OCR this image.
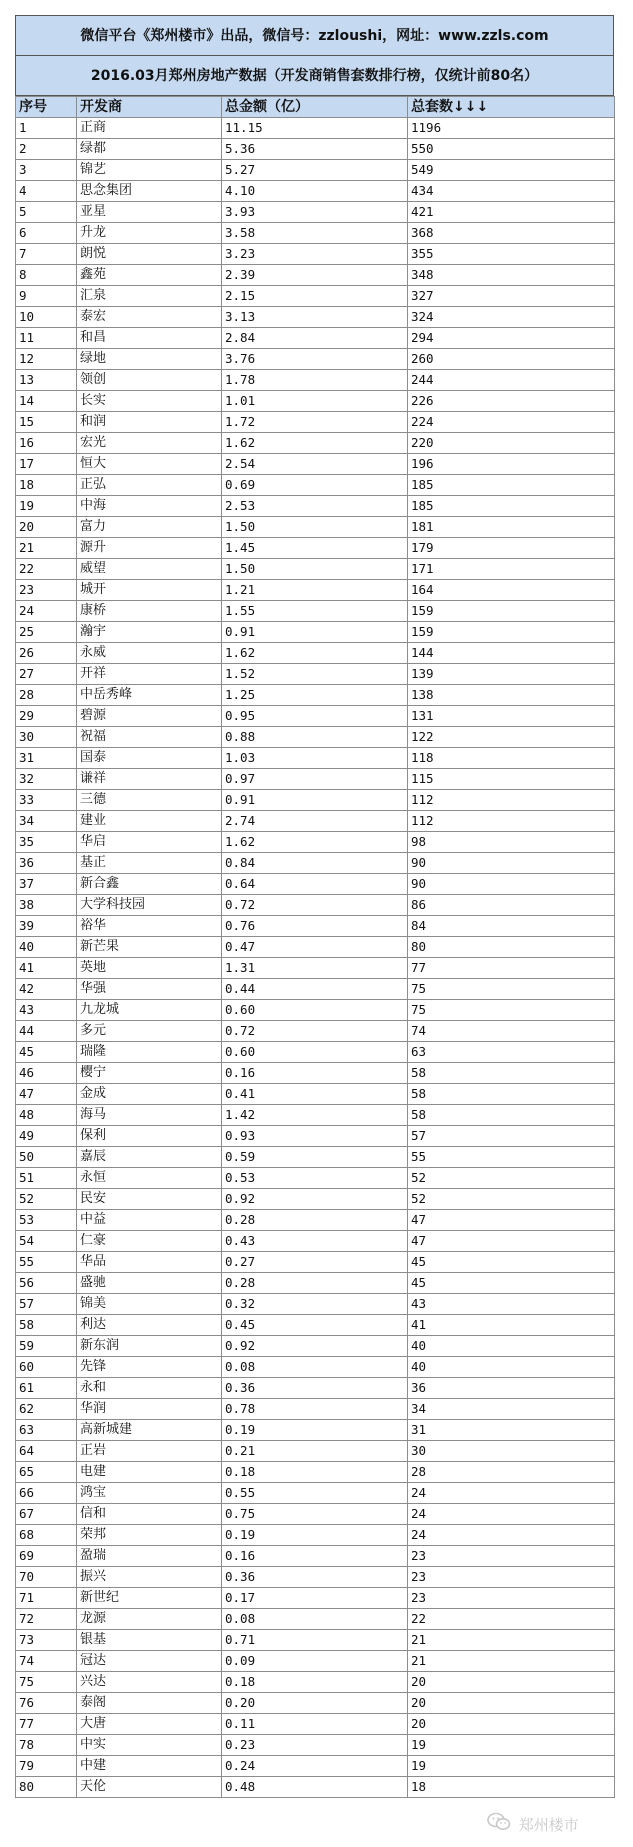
微信平台《郑州楼市》出品，微信号：zzloushi，网址：www.zzls.com
2016.03月郑州房地产数据（开发商销售套数排行榜，仅统计前80名）
序号	开发商	总金额（亿）	总套数↓↓↓
1	正商	11.15	1196
2	绿都	5.36	550
3	锦艺	5.27	549
4	思念集团	4.10	434
5	亚星	3.93	421
6	升龙	3.58	368
7	朗悦	3.23	355
8	鑫苑	2.39	348
9	汇泉	2.15	327
10	泰宏	3.13	324
11	和昌	2.84	294
12	绿地	3.76	260
13	领创	1.78	244
14	长实	1.01	226
15	和润	1.72	224
16	宏光	1.62	220
17	恒大	2.54	196
18	正弘	0.69	185
19	中海	2.53	185
20	富力	1.50	181
21	源升	1.45	179
22	威望	1.50	171
23	城开	1.21	164
24	康桥	1.55	159
25	瀚宇	0.91	159
26	永威	1.62	144
27	开祥	1.52	139
28	中岳秀峰	1.25	138
29	碧源	0.95	131
30	祝福	0.88	122
31	国泰	1.03	118
32	谦祥	0.97	115
33	三德	0.91	112
34	建业	2.74	112
35	华启	1.62	98
36	基正	0.84	90
37	新合鑫	0.64	90
38	大学科技园	0.72	86
39	裕华	0.76	84
40	新芒果	0.47	80
41	英地	1.31	77
42	华强	0.44	75
43	九龙城	0.60	75
44	多元	0.72	74
45	瑞隆	0.60	63
46	樱宁	0.16	58
47	金成	0.41	58
48	海马	1.42	58
49	保利	0.93	57
50	嘉辰	0.59	55
51	永恒	0.53	52
52	民安	0.92	52
53	中益	0.28	47
54	仁豪	0.43	47
55	华品	0.27	45
56	盛驰	0.28	45
57	锦美	0.32	43
58	利达	0.45	41
59	新东润	0.92	40
60	先锋	0.08	40
61	永和	0.36	36
62	华润	0.78	34
63	高新城建	0.19	31
64	正岩	0.21	30
65	电建	0.18	28
66	鸿宝	0.55	24
67	信和	0.75	24
68	荣邦	0.19	24
69	盈瑞	0.16	23
70	振兴	0.36	23
71	新世纪	0.17	23
72	龙源	0.08	22
73	银基	0.71	21
74	冠达	0.09	21
75	兴达	0.18	20
76	泰阁	0.20	20
77	大唐	0.11	20
78	中实	0.23	19
79	中建	0.24	19
80	天伦	0.48	18
郑州楼市
